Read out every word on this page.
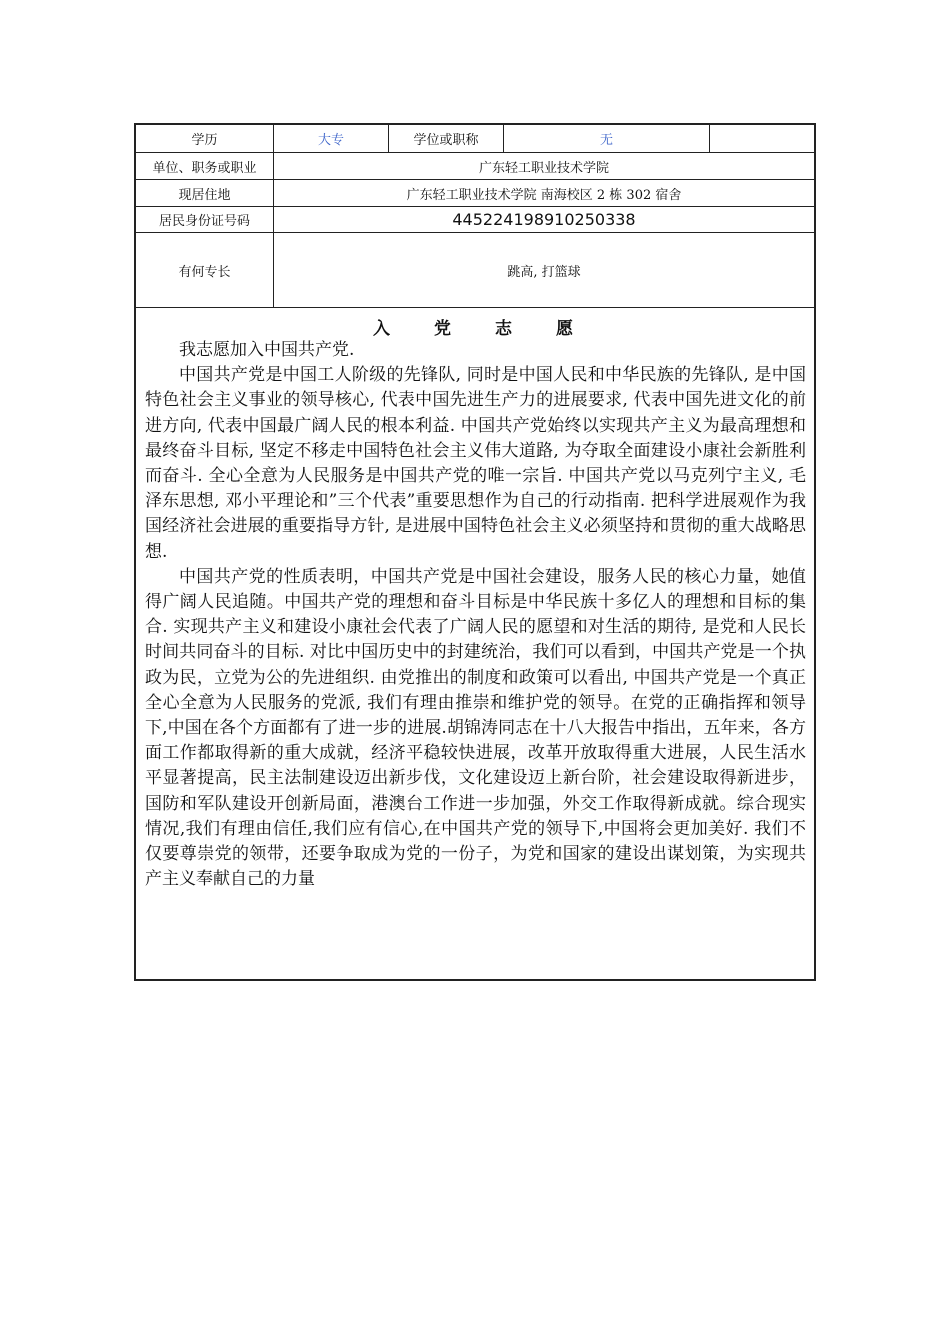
学历	大专	学位或职称	无
单位、职务或职业	广东轻工职业技术学院
现居住地	广东轻工职业技术学院 南海校区 2 栋 302 宿舍
居民身份证号码	445224198910250338
有何专长	跳高, 打篮球
入党志愿

我志愿加入中国共产党.

中国共产党是中国工人阶级的先锋队, 同时是中国人民和中华民族的先锋队, 是中国特色社会主义事业的领导核心, 代表中国先进生产力的进展要求, 代表中国先进文化的前进方向, 代表中国最广阔人民的根本利益. 中国共产党始终以实现共产主义为最高理想和最终奋斗目标, 坚定不移走中国特色社会主义伟大道路, 为夺取全面建设小康社会新胜利而奋斗. 全心全意为人民服务是中国共产党的唯一宗旨. 中国共产党以马克列宁主义, 毛泽东思想, 邓小平理论和”三个代表”重要思想作为自己的行动指南. 把科学进展观作为我国经济社会进展的重要指导方针, 是进展中国特色社会主义必须坚持和贯彻的重大战略思想.

中国共产党的性质表明，中国共产党是中国社会建设，服务人民的核心力量，她值得广阔人民追随。中国共产党的理想和奋斗目标是中华民族十多亿人的理想和目标的集合. 实现共产主义和建设小康社会代表了广阔人民的愿望和对生活的期待, 是党和人民长时间共同奋斗的目标. 对比中国历史中的封建统治，我们可以看到，中国共产党是一个执政为民，立党为公的先进组织. 由党推出的制度和政策可以看出, 中国共产党是一个真正全心全意为人民服务的党派, 我们有理由推崇和维护党的领导。在党的正确指挥和领导下,中国在各个方面都有了进一步的进展.胡锦涛同志在十八大报告中指出，五年来，各方面工作都取得新的重大成就，经济平稳较快进展，改革开放取得重大进展，人民生活水平显著提高，民主法制建设迈出新步伐，文化建设迈上新台阶，社会建设取得新进步，国防和军队建设开创新局面，港澳台工作进一步加强，外交工作取得新成就。综合现实情况,我们有理由信任,我们应有信心,在中国共产党的领导下,中国将会更加美好. 我们不仅要尊崇党的领带，还要争取成为党的一份子，为党和国家的建设出谋划策，为实现共产主义奉献自己的力量
